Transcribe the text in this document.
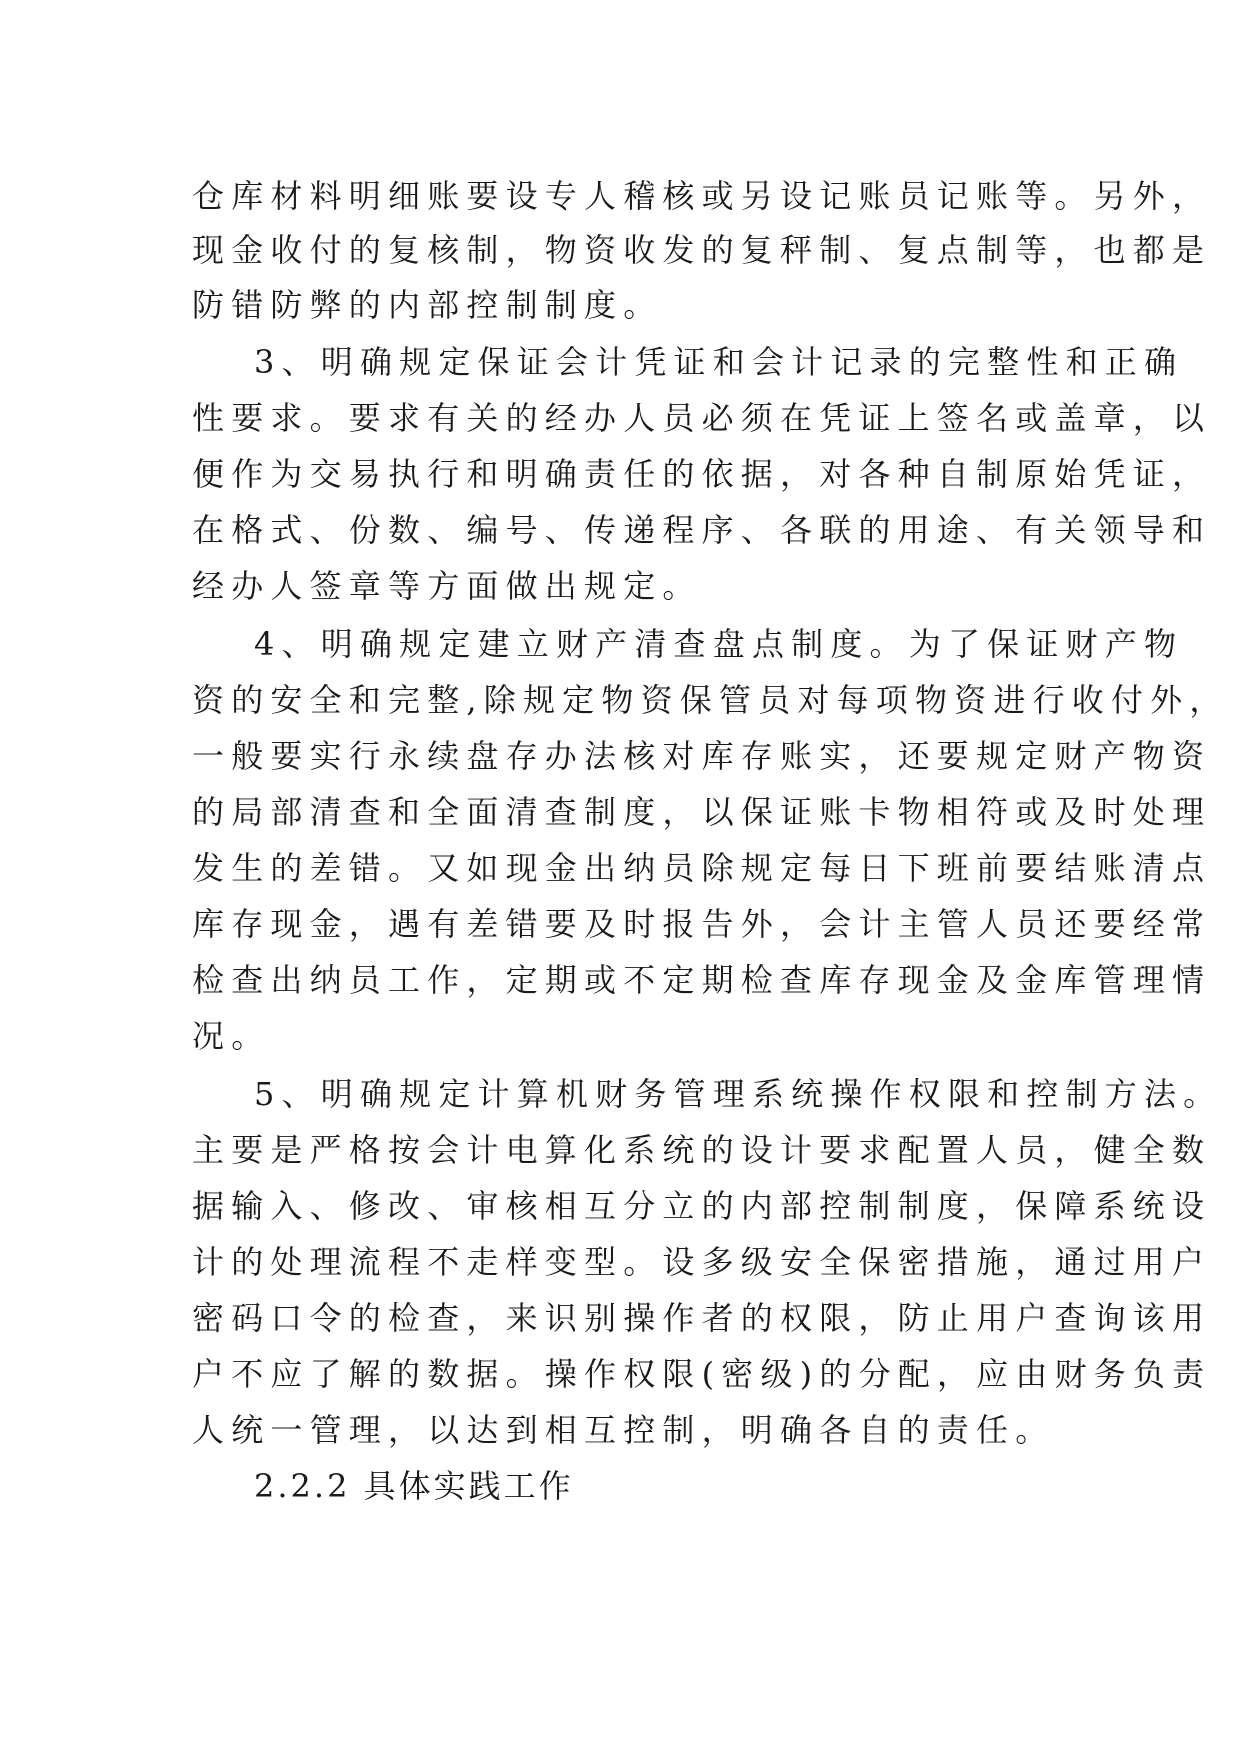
仓库材料明细账要设专人稽核或另设记账员记账等。另外，
现金收付的复核制，物资收发的复秤制、复点制等，也都是
防错防弊的内部控制制度。
3、明确规定保证会计凭证和会计记录的完整性和正确
性要求。要求有关的经办人员必须在凭证上签名或盖章，以
便作为交易执行和明确责任的依据，对各种自制原始凭证，
在格式、份数、编号、传递程序、各联的用途、有关领导和
经办人签章等方面做出规定。
4、明确规定建立财产清查盘点制度。为了保证财产物
资的安全和完整,除规定物资保管员对每项物资进行收付外，
一般要实行永续盘存办法核对库存账实，还要规定财产物资
的局部清查和全面清查制度，以保证账卡物相符或及时处理
发生的差错。又如现金出纳员除规定每日下班前要结账清点
库存现金，遇有差错要及时报告外，会计主管人员还要经常
检查出纳员工作，定期或不定期检查库存现金及金库管理情
况。
5、明确规定计算机财务管理系统操作权限和控制方法。
主要是严格按会计电算化系统的设计要求配置人员，健全数
据输入、修改、审核相互分立的内部控制制度，保障系统设
计的处理流程不走样变型。设多级安全保密措施，通过用户
密码口令的检查，来识别操作者的权限，防止用户查询该用
户不应了解的数据。操作权限(密级)的分配，应由财务负责
人统一管理，以达到相互控制，明确各自的责任。
2.2.2 具体实践工作
